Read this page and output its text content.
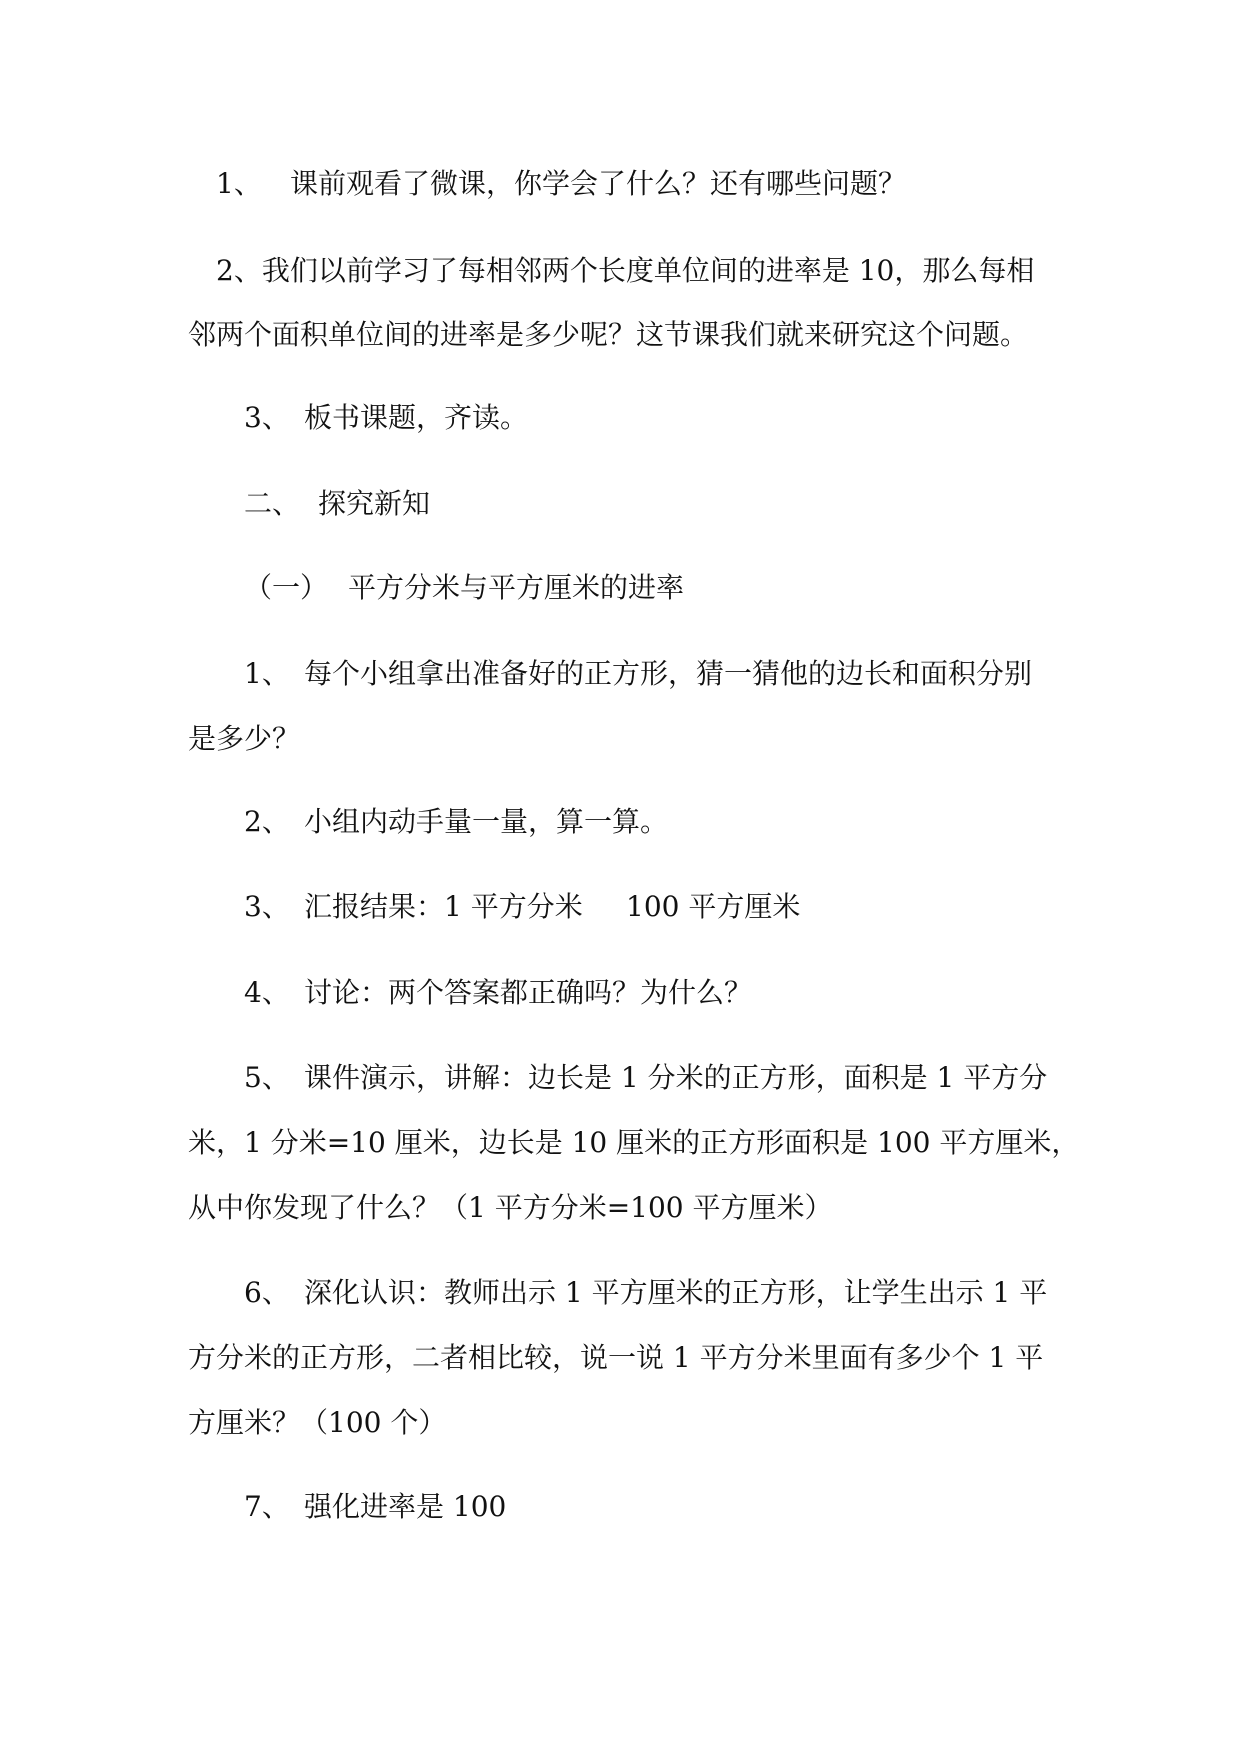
1、 课前观看了微课，你学会了什么？还有哪些问题？
2、我们以前学习了每相邻两个长度单位间的进率是 10，那么每相
邻两个面积单位间的进率是多少呢？这节课我们就来研究这个问题。
3、 板书课题，齐读。
二、 探究新知
（一） 平方分米与平方厘米的进率
1、 每个小组拿出准备好的正方形，猜一猜他的边长和面积分别
是多少？
2、 小组内动手量一量，算一算。
3、 汇报结果：1 平方分米 100 平方厘米
4、 讨论：两个答案都正确吗？为什么？
5、 课件演示，讲解：边长是 1 分米的正方形，面积是 1 平方分
米，1 分米=10 厘米，边长是 10 厘米的正方形面积是 100 平方厘米，
从中你发现了什么？（1 平方分米=100 平方厘米）
6、 深化认识：教师出示 1 平方厘米的正方形，让学生出示 1 平
方分米的正方形，二者相比较，说一说 1 平方分米里面有多少个 1 平
方厘米？（100 个）
7、 强化进率是 100
